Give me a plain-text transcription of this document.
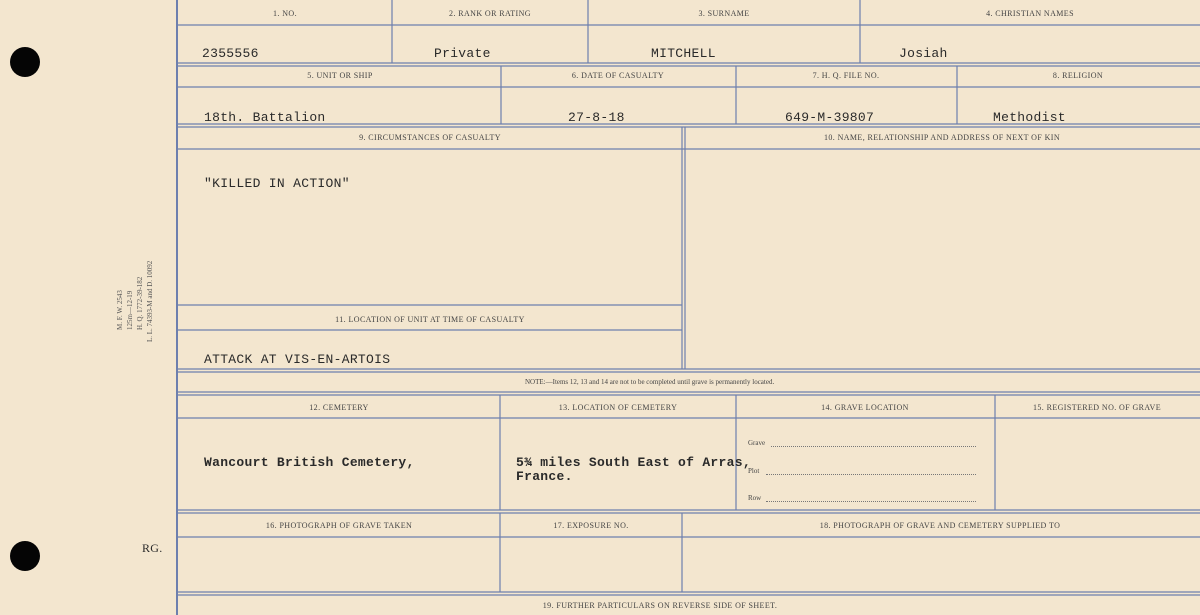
M. F. W. 2543 125m—12-19 H. Q. 1772-39-182 L. L. 74393-M and D. 10092
RG.
1. NO.	2. RANK OR RATING	3. SURNAME	4. CHRISTIAN NAMES
2355556	Private	MITCHELL	Josiah
5. UNIT OR SHIP	6. DATE OF CASUALTY	7. H. Q. FILE NO.	8. RELIGION
18th. Battalion	27-8-18	649-M-39807	Methodist
9. CIRCUMSTANCES OF CASUALTY	10. NAME, RELATIONSHIP AND ADDRESS OF NEXT OF KIN
"KILLED IN ACTION"
11. LOCATION OF UNIT AT TIME OF CASUALTY
ATTACK AT VIS-EN-ARTOIS
NOTE:—Items 12, 13 and 14 are not to be completed until grave is permanently located.
12. CEMETERY	13. LOCATION OF CEMETERY	14. GRAVE LOCATION	15. REGISTERED NO. OF GRAVE
Wancourt British Cemetery,	5¾ miles South East of Arras,
France.
Grave
Plot
Row
16. PHOTOGRAPH OF GRAVE TAKEN	17. EXPOSURE NO.	18. PHOTOGRAPH OF GRAVE AND CEMETERY SUPPLIED TO
19. FURTHER PARTICULARS ON REVERSE SIDE OF SHEET.
